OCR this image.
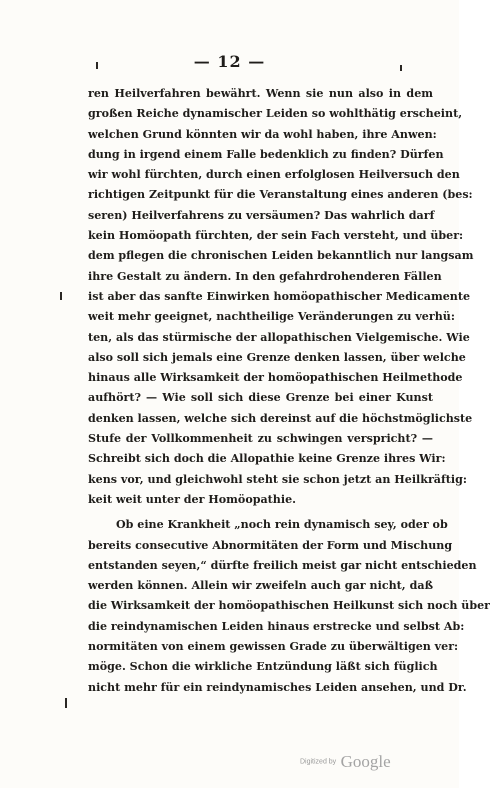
— 12 —
ren Heilverfahren bewährt. Wenn sie nun also in dem
großen Reiche dynamischer Leiden so wohlthätig erscheint,
welchen Grund könnten wir da wohl haben, ihre Anwen:
dung in irgend einem Falle bedenklich zu finden? Dürfen
wir wohl fürchten, durch einen erfolglosen Heilversuch den
richtigen Zeitpunkt für die Veranstaltung eines anderen (bes:
seren) Heilverfahrens zu versäumen? Das wahrlich darf
kein Homöopath fürchten, der sein Fach versteht, und über:
dem pflegen die chronischen Leiden bekanntlich nur langsam
ihre Gestalt zu ändern. In den gefahrdrohenderen Fällen
ist aber das sanfte Einwirken homöopathischer Medicamente
weit mehr geeignet, nachtheilige Veränderungen zu verhü:
ten, als das stürmische der allopathischen Vielgemische. Wie
also soll sich jemals eine Grenze denken lassen, über welche
hinaus alle Wirksamkeit der homöopathischen Heilmethode
aufhört? — Wie soll sich diese Grenze bei einer Kunst
denken lassen, welche sich dereinst auf die höchstmöglichste
Stufe der Vollkommenheit zu schwingen verspricht? —
Schreibt sich doch die Allopathie keine Grenze ihres Wir:
kens vor, und gleichwohl steht sie schon jetzt an Heilkräftig:
keit weit unter der Homöopathie.
Ob eine Krankheit „noch rein dynamisch sey, oder ob
bereits consecutive Abnormitäten der Form und Mischung
entstanden seyen,“ dürfte freilich meist gar nicht entschieden
werden können. Allein wir zweifeln auch gar nicht, daß
die Wirksamkeit der homöopathischen Heilkunst sich noch über
die reindynamischen Leiden hinaus erstrecke und selbst Ab:
normitäten von einem gewissen Grade zu überwältigen ver:
möge. Schon die wirkliche Entzündung läßt sich füglich
nicht mehr für ein reindynamisches Leiden ansehen, und Dr.
Digitized by Google
